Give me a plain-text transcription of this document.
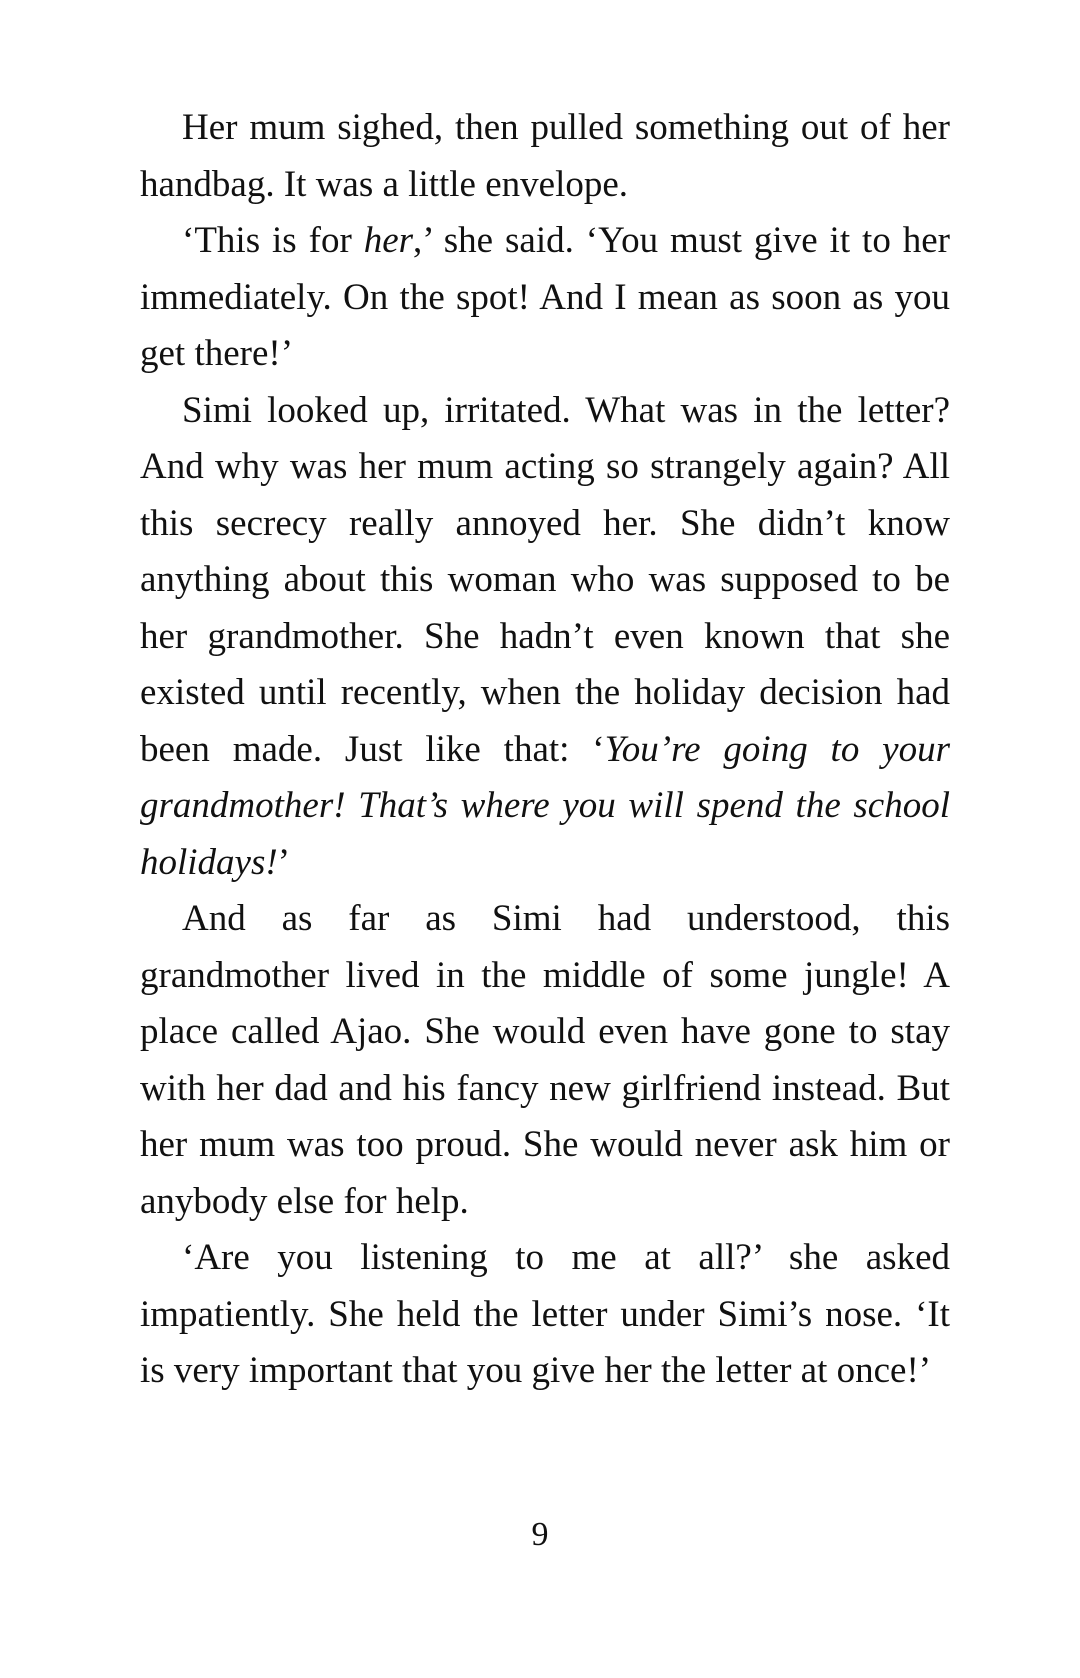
Her mum sighed, then pulled something out of her handbag. It was a little envelope.

‘This is for her,’ she said. ‘You must give it to her immediately. On the spot! And I mean as soon as you get there!’

Simi looked up, irritated. What was in the letter? And why was her mum acting so strangely again? All this secrecy really annoyed her. She didn’t know anything about this woman who was supposed to be her grandmother. She hadn’t even known that she existed until recently, when the holiday decision had been made. Just like that: ‘You’re going to your grandmother! That’s where you will spend the school holidays!’

And as far as Simi had understood, this grandmother lived in the middle of some jungle! A place called Ajao. She would even have gone to stay with her dad and his fancy new girlfriend instead. But her mum was too proud. She would never ask him or anybody else for help.

‘Are you listening to me at all?’ she asked impatiently. She held the letter under Simi’s nose. ‘It is very important that you give her the letter at once!’

9
